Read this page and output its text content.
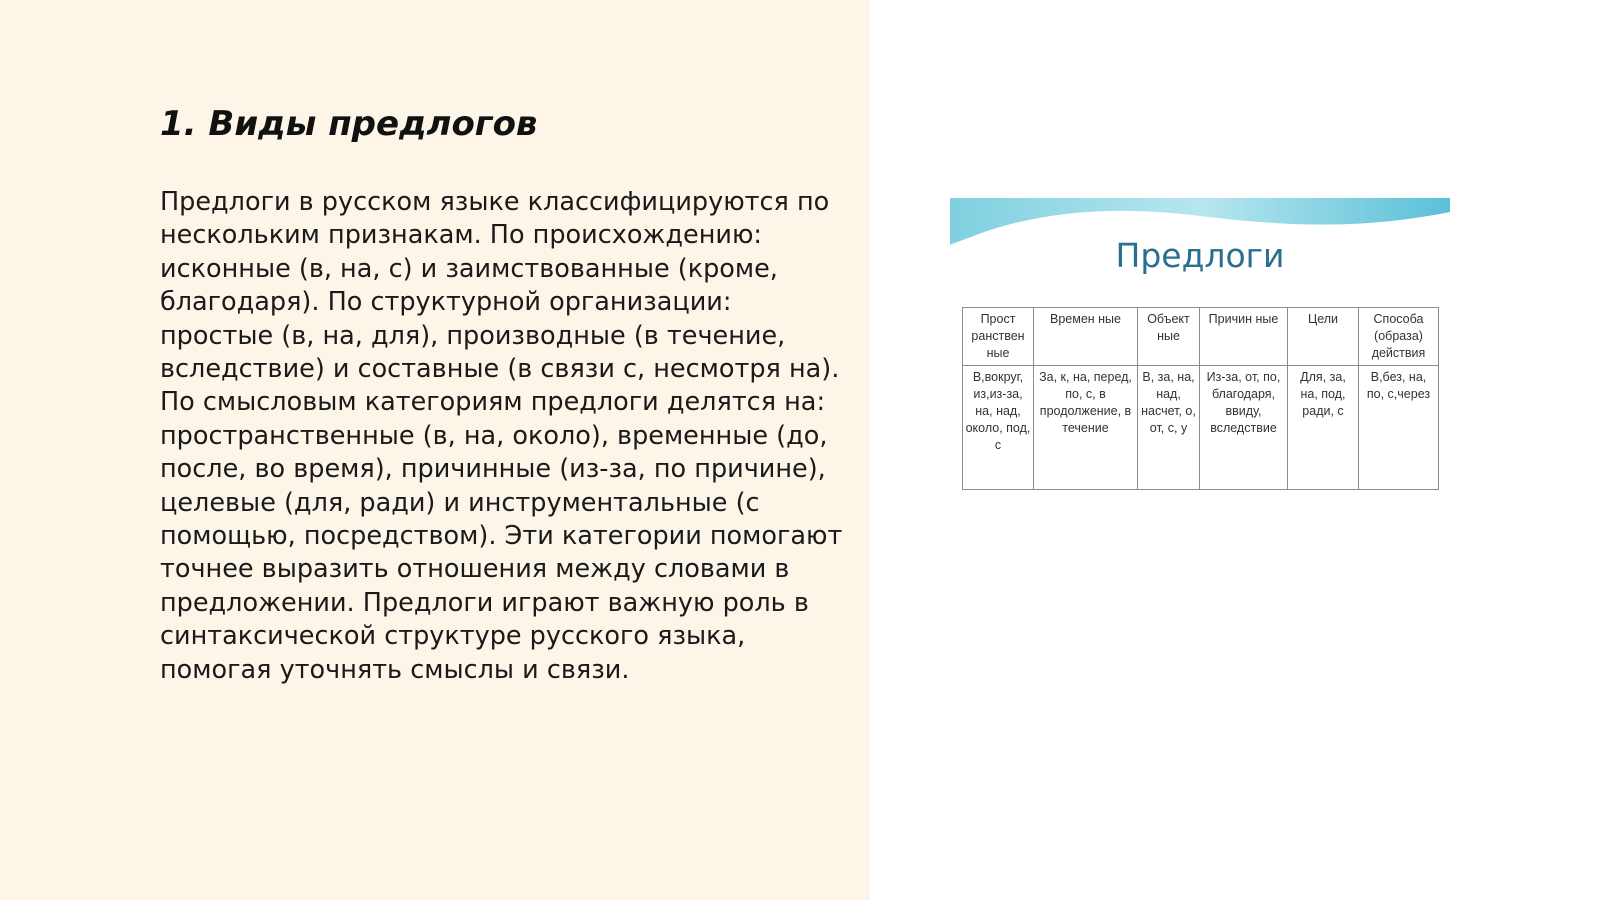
1. Виды предлогов

Предлоги в русском языке классифицируются по нескольким признакам. По происхождению: исконные (в, на, с) и заимствованные (кроме, благодаря). По структурной организации: простые (в, на, для), производные (в течение, вследствие) и составные (в связи с, несмотря на). По смысловым категориям предлоги делятся на: пространственные (в, на, около), временные (до, после, во время), причинные (из-за, по причине), целевые (для, ради) и инструментальные (с помощью, посредством). Эти категории помогают точнее выразить отношения между словами в предложении. Предлоги играют важную роль в синтаксической структуре русского языка, помогая уточнять смыслы и связи.

Предлоги
Прост ранствен ные	Времен ные	Объект ные	Причин ные	Цели	Способа (образа) действия
В,вокруг, из,из-за, на, над, около, под, с	За, к, на, перед, по, с, в продолжение, в течение	В, за, на, над, насчет, о, от, с, у	Из-за, от, по, благодаря, ввиду, вследствие	Для, за, на, под, ради, с	В,без, на, по, с,через
